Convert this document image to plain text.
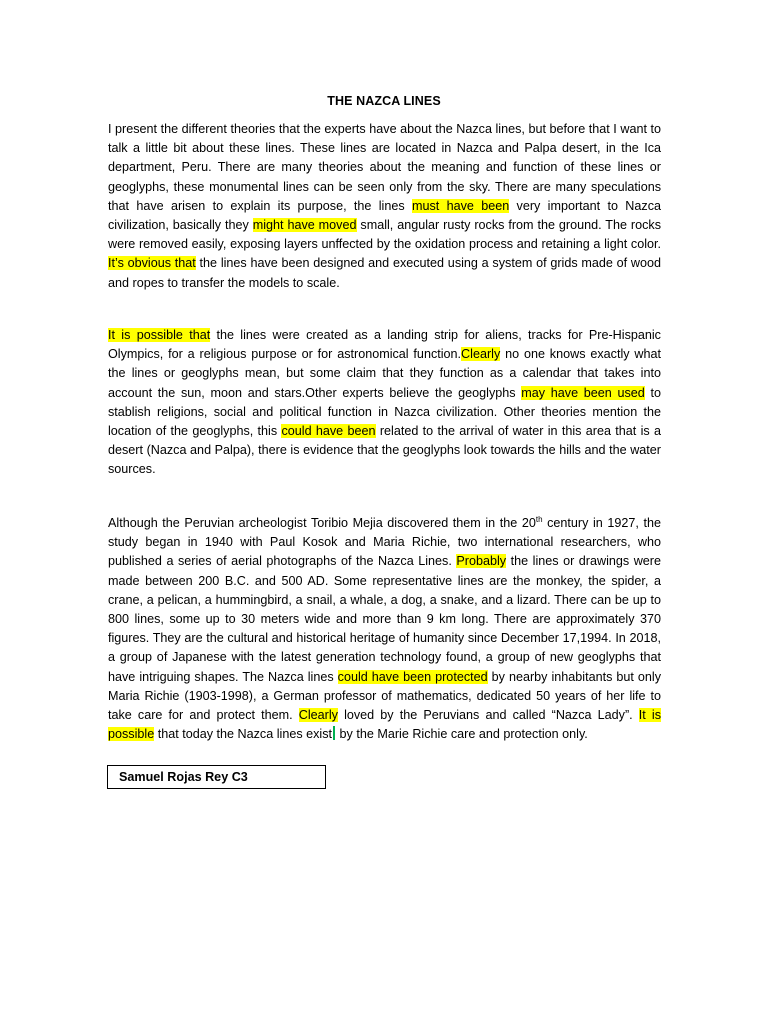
THE NAZCA LINES
I present the different theories that the experts have about the Nazca lines, but before that I want to talk a little bit about these lines. These lines are located in Nazca and Palpa desert, in the Ica department, Peru. There are many theories about the meaning and function of these lines or geoglyphs, these monumental lines can be seen only from the sky. There are many speculations that have arisen to explain its purpose, the lines must have been very important to Nazca civilization, basically they might have moved small, angular rusty rocks from the ground. The rocks were removed easily, exposing layers unffected by the oxidation process and retaining a light color. It’s obvious that the lines have been designed and executed using a system of grids made of wood and ropes to transfer the models to scale.
It is possible that the lines were created as a landing strip for aliens, tracks for Pre-Hispanic Olympics, for a religious purpose or for astronomical function.Clearly no one knows exactly what the lines or geoglyphs mean, but some claim that they function as a calendar that takes into account the sun, moon and stars.Other experts believe the geoglyphs may have been used to stablish religions, social and political function in Nazca civilization. Other theories mention the location of the geoglyphs, this could have been related to the arrival of water in this area that is a desert (Nazca and Palpa), there is evidence that the geoglyphs look towards the hills and the water sources.
Although the Peruvian archeologist Toribio Mejia discovered them in the 20th century in 1927, the study began in 1940 with Paul Kosok and Maria Richie, two international researchers, who published a series of aerial photographs of the Nazca Lines. Probably the lines or drawings were made between 200 B.C. and 500 AD. Some representative lines are the monkey, the spider, a crane, a pelican, a hummingbird, a snail, a whale, a dog, a snake, and a lizard. There can be up to 800 lines, some up to 30 meters wide and more than 9 km long. There are approximately 370 figures. They are the cultural and historical heritage of humanity since December 17,1994. In 2018, a group of Japanese with the latest generation technology found, a group of new geoglyphs that have intriguing shapes. The Nazca lines could have been protected by nearby inhabitants but only Maria Richie (1903-1998), a German professor of mathematics, dedicated 50 years of her life to take care for and protect them. Clearly loved by the Peruvians and called “Nazca Lady”. It is possible that today the Nazca lines exist by the Marie Richie care and protection only.
Samuel Rojas Rey C3
